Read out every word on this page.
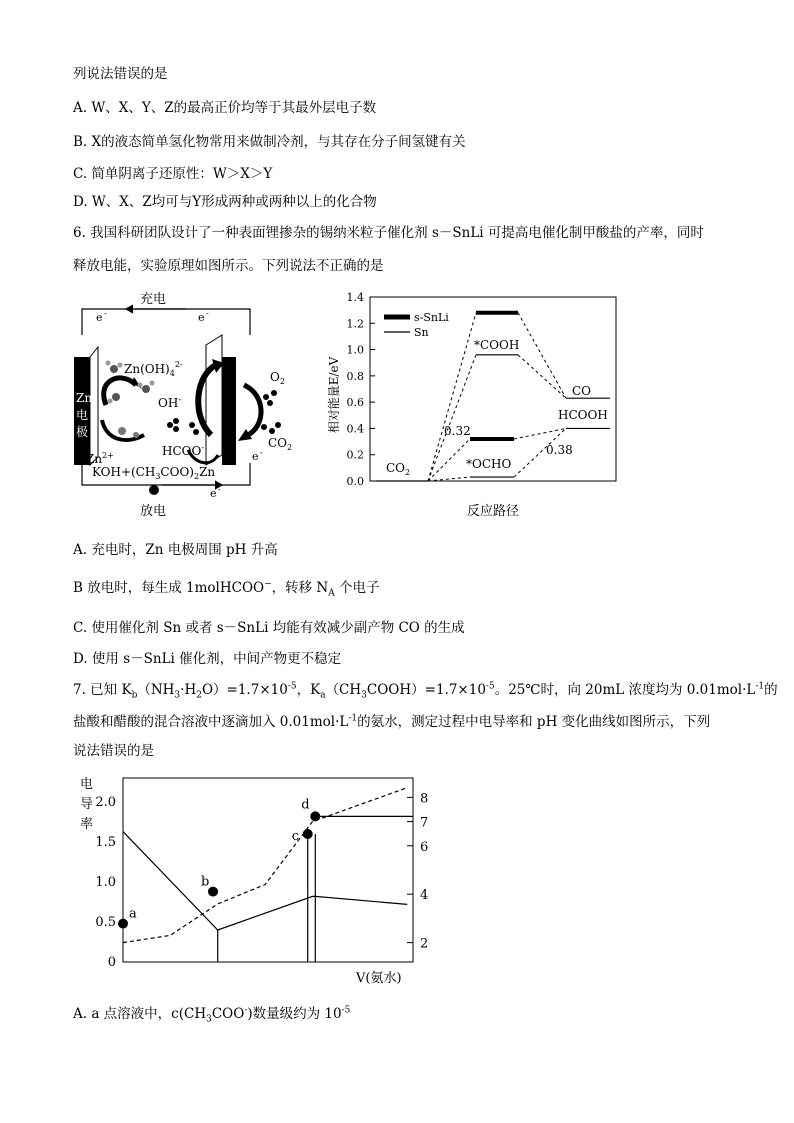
列说法错误的是
A. W、X、Y、Z的最高正价均等于其最外层电子数
B. X的液态简单氢化物常用来做制冷剂，与其存在分子间氢键有关
C. 简单阴离子还原性：W＞X＞Y
D. W、X、Z均可与Y形成两种或两种以上的化合物
6. 我国科研团队设计了一种表面锂掺杂的锡纳米粒子催化剂 s－SnLi 可提高电催化制甲酸盐的产率，同时
释放电能，实验原理如图所示。下列说法不正确的是
充电
e -	e -
放电
e -
Zn
电
极
$Zn(OH)_4^{2-}$
OH-
$Zn^{2+}$	HCOO-
$KOH+(CH_3COO)_2Zn$
$O_2$
$CO_2$
e -
0.0
0.2
0.4
0.6
0.8
1.0
1.2
1.4
相对能量E/eV
反应路径
s-SnLi
Sn
$CO_2$
*COOH
CO
HCOOH
*OCHO
0.32
0.38
A. 充电时，Zn 电极周围 pH 升高
B 放电时，每生成 1molHCOO−，转移 $N_A$ 个电子
C. 使用催化剂 Sn 或者 s－SnLi 均能有效减少副产物 CO 的生成
D. 使用 s－SnLi 催化剂，中间产物更不稳定
7. 已知 $K_b(NH_3\cdot H_2O)=1.7\times 10^{-5}$，$K_a(CH_3COOH)=1.7\times 10^{-5}$。25℃时，向 20mL 浓度均为 $0.01mol\cdot L^{-1}$的
盐酸和醋酸的混合溶液中逐滴加入 $0.01mol\cdot L^{-1}$的氨水，测定过程中电导率和 pH 变化曲线如图所示，下列
说法错误的是
电
导
率
0
0.5
1.0
1.5
2.0
2
4
6
7
8
a
b
c
d
V(氨水)
A. a 点溶液中，$c(CH_3COO^-)$数量级约为 $10^{-5}$
